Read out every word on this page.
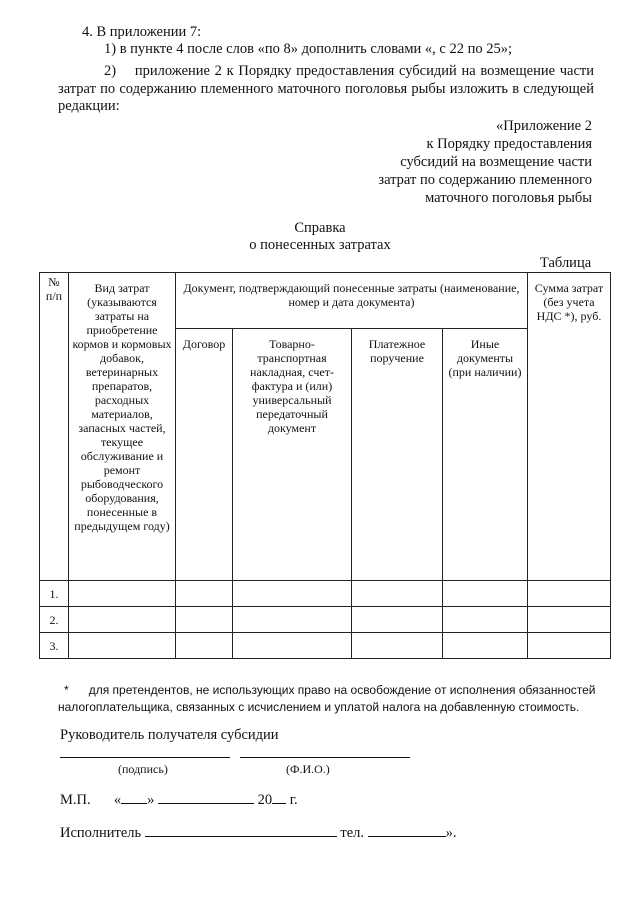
4. В приложении 7:
1) в пункте 4 после слов «по 8» дополнить словами «, с 22 по 25»;
2)    приложение 2 к Порядку предоставления субсидий на возмещение части затрат по содержанию племенного маточного поголовья рыбы изложить в следующей редакции:
«Приложение 2
к Порядку предоставления
субсидий на возмещение части
затрат по содержанию племенного
маточного поголовья рыбы
Справка
о понесенных затратах
Таблица
№ п/п	Вид затрат (указываются затраты на приобретение кормов и кормовых добавок, ветеринарных препаратов, расходных материалов, запасных частей, текущее обслуживание и ремонт рыбоводческого оборудования, понесенные в предыдущем году)	Документ, подтверждающий понесенные затраты (наименование, номер и дата документа)				Сумма затрат (без учета НДС *), руб.
		Договор	Товарно-транспортная накладная, счет-фактура и (или) универсальный передаточный документ	Платежное поручение	Иные документы (при наличии)	
1.						
2.						
3.						
* для претендентов, не использующих право на освобождение от исполнения обязанностей налогоплательщика, связанных с исчислением и уплатой налога на добавленную стоимость.
Руководитель получателя субсидии
(подпись)	(Ф.И.О.)
М.П. « »	20 г.
Исполнитель	тел.	».
